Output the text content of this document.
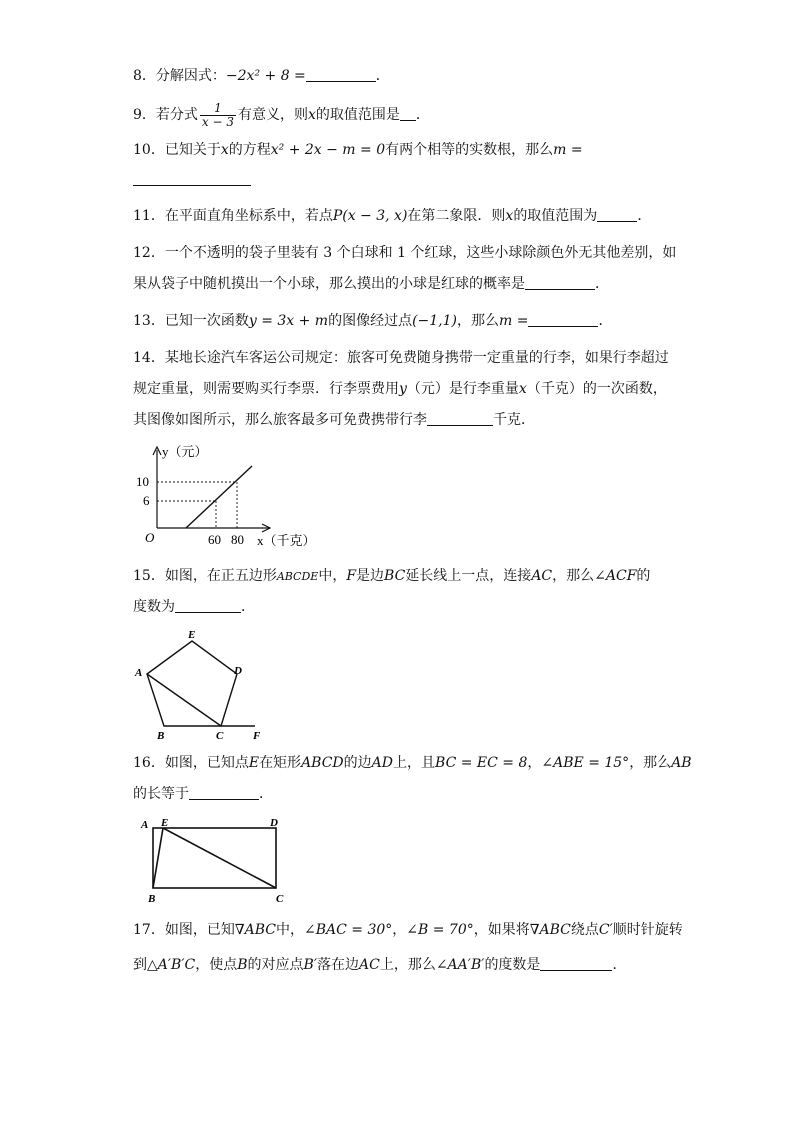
8．分解因式：−2x² + 8 =	．
9．若分式 $\frac{1}{x - 3}$ 有意义，则x的取值范围是 ．
10．已知关于x的方程x² + 2x − m = 0有两个相等的实数根，那么m =
11．在平面直角坐标系中，若点P(x − 3, x)在第二象限．则x的取值范围为	．
12．一个不透明的袋子里装有 3 个白球和 1 个红球，这些小球除颜色外无其他差别，如
果从袋子中随机摸出一个小球，那么摸出的小球是红球的概率是	．
13．已知一次函数y = 3x + m的图像经过点(−1,1)，那么m =	．
14．某地长途汽车客运公司规定：旅客可免费随身携带一定重量的行李，如果行李超过
规定重量，则需要购买行李票．行李票费用y（元）是行李重量x（千克）的一次函数，
其图像如图所示，那么旅客最多可免费携带行李	千克．
y（元）
10
6
O	60 80 x（千克）
15．如图，在正五边形ABCDE中，F是边BC延长线上一点，连接AC，那么∠ACF的
度数为	．
A
E
D
B	C	F
16．如图，已知点E在矩形ABCD的边AD上，且BC = EC = 8，∠ABE = 15°，那么AB
的长等于	．
A E	D
B	C
17．如图，已知∇ABC中，∠BAC = 30°，∠B = 70°，如果将∇ABC绕点C′顺时针旋转
到△A′B′C，使点B的对应点B′落在边AC上，那么∠AA′B′的度数是	．
